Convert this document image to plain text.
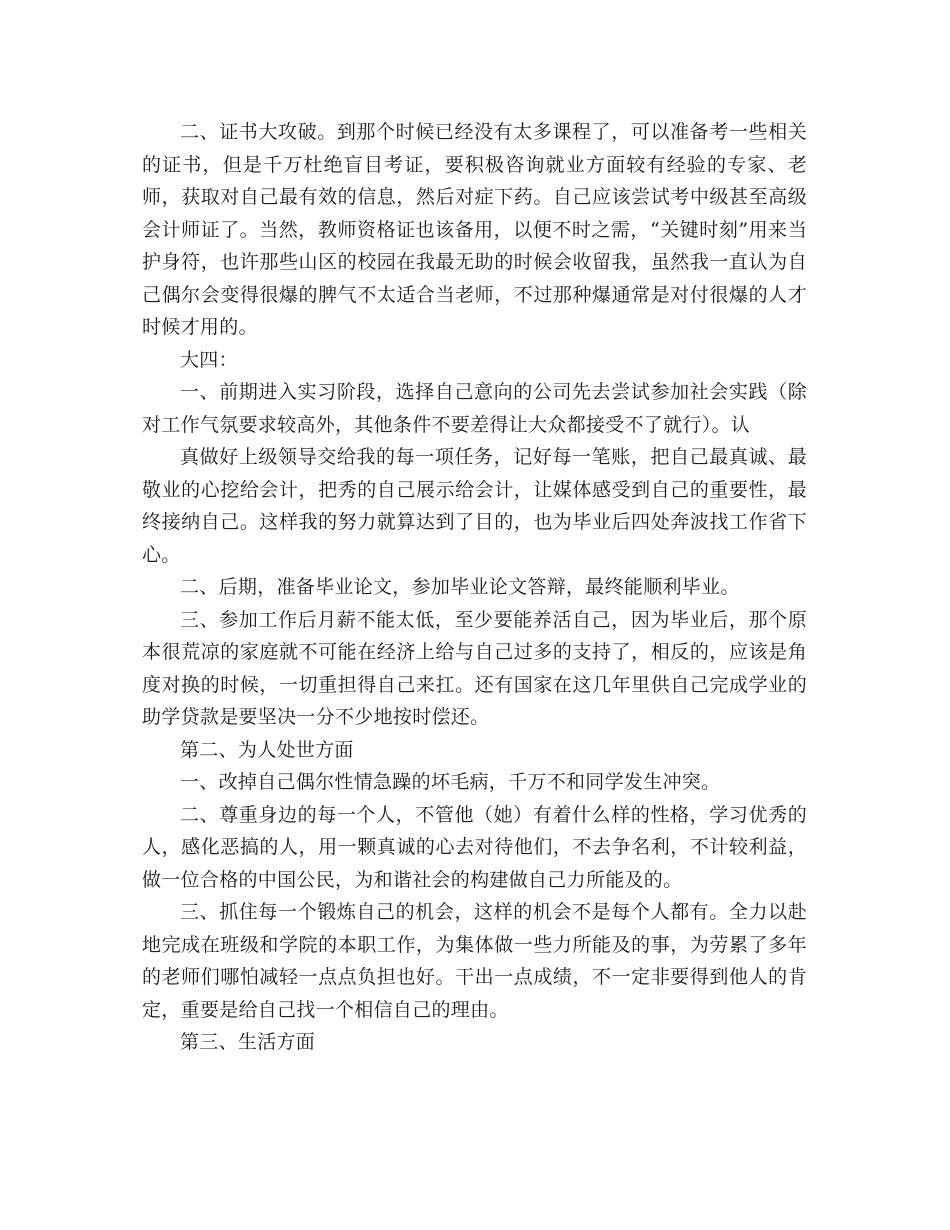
二、证书大攻破。到那个时候已经没有太多课程了，可以准备考一些相关的证书，但是千万杜绝盲目考证，要积极咨询就业方面较有经验的专家、老师，获取对自己最有效的信息，然后对症下药。自己应该尝试考中级甚至高级会计师证了。当然，教师资格证也该备用，以便不时之需，“关键时刻”用来当护身符，也许那些山区的校园在我最无助的时候会收留我，虽然我一直认为自己偶尔会变得很爆的脾气不太适合当老师，不过那种爆通常是对付很爆的人才时候才用的。

大四：

一、前期进入实习阶段，选择自己意向的公司先去尝试参加社会实践（除对工作气氛要求较高外，其他条件不要差得让大众都接受不了就行）。认

真做好上级领导交给我的每一项任务，记好每一笔账，把自己最真诚、最敬业的心挖给会计，把秀的自己展示给会计，让媒体感受到自己的重要性，最终接纳自己。这样我的努力就算达到了目的，也为毕业后四处奔波找工作省下心。

二、后期，准备毕业论文，参加毕业论文答辩，最终能顺利毕业。

三、参加工作后月薪不能太低，至少要能养活自己，因为毕业后，那个原本很荒凉的家庭就不可能在经济上给与自己过多的支持了，相反的，应该是角度对换的时候，一切重担得自己来扛。还有国家在这几年里供自己完成学业的助学贷款是要坚决一分不少地按时偿还。

第二、为人处世方面

一、改掉自己偶尔性情急躁的坏毛病，千万不和同学发生冲突。

二、尊重身边的每一个人，不管他（她）有着什么样的性格，学习优秀的人，感化恶搞的人，用一颗真诚的心去对待他们，不去争名利，不计较利益，做一位合格的中国公民，为和谐社会的构建做自己力所能及的。

三、抓住每一个锻炼自己的机会，这样的机会不是每个人都有。全力以赴地完成在班级和学院的本职工作，为集体做一些力所能及的事，为劳累了多年的老师们哪怕减轻一点点负担也好。干出一点成绩，不一定非要得到他人的肯定，重要是给自己找一个相信自己的理由。

第三、生活方面
